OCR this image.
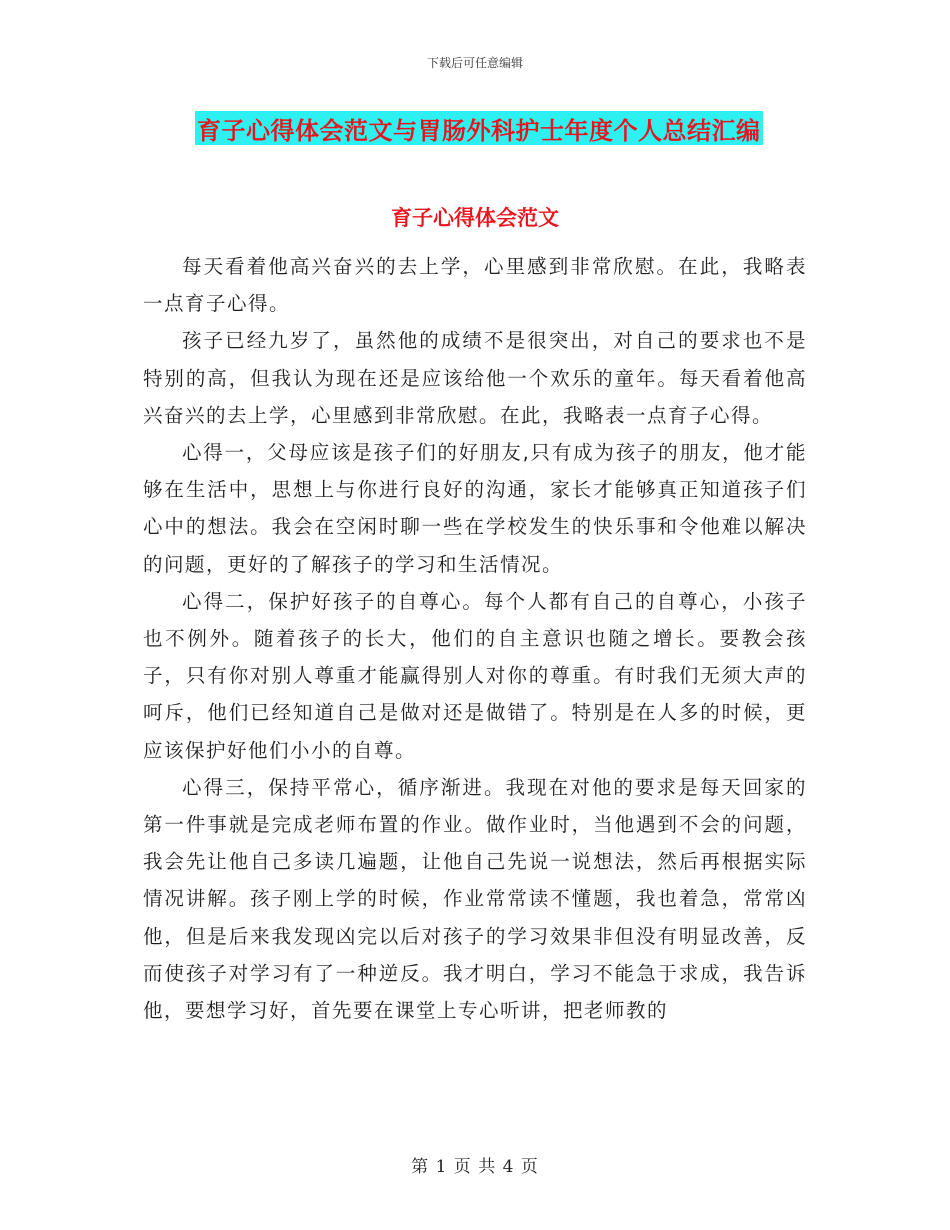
下载后可任意编辑
育子心得体会范文与胃肠外科护士年度个人总结汇编
育子心得体会范文

每天看着他高兴奋兴的去上学，心里感到非常欣慰。在此，我略表一点育子心得。

孩子已经九岁了，虽然他的成绩不是很突出，对自己的要求也不是特别的高，但我认为现在还是应该给他一个欢乐的童年。每天看着他高兴奋兴的去上学，心里感到非常欣慰。在此，我略表一点育子心得。

心得一，父母应该是孩子们的好朋友,只有成为孩子的朋友，他才能够在生活中，思想上与你进行良好的沟通，家长才能够真正知道孩子们心中的想法。我会在空闲时聊一些在学校发生的快乐事和令他难以解决的问题，更好的了解孩子的学习和生活情况。

心得二，保护好孩子的自尊心。每个人都有自己的自尊心，小孩子也不例外。随着孩子的长大，他们的自主意识也随之增长。要教会孩子，只有你对别人尊重才能赢得别人对你的尊重。有时我们无须大声的呵斥，他们已经知道自己是做对还是做错了。特别是在人多的时候，更应该保护好他们小小的自尊。

心得三，保持平常心，循序渐进。我现在对他的要求是每天回家的第一件事就是完成老师布置的作业。做作业时，当他遇到不会的问题，我会先让他自己多读几遍题，让他自己先说一说想法，然后再根据实际情况讲解。孩子刚上学的时候，作业常常读不懂题，我也着急，常常凶他，但是后来我发现凶完以后对孩子的学习效果非但没有明显改善，反而使孩子对学习有了一种逆反。我才明白，学习不能急于求成，我告诉他，要想学习好，首先要在课堂上专心听讲，把老师教的

第 1 页 共 4 页
